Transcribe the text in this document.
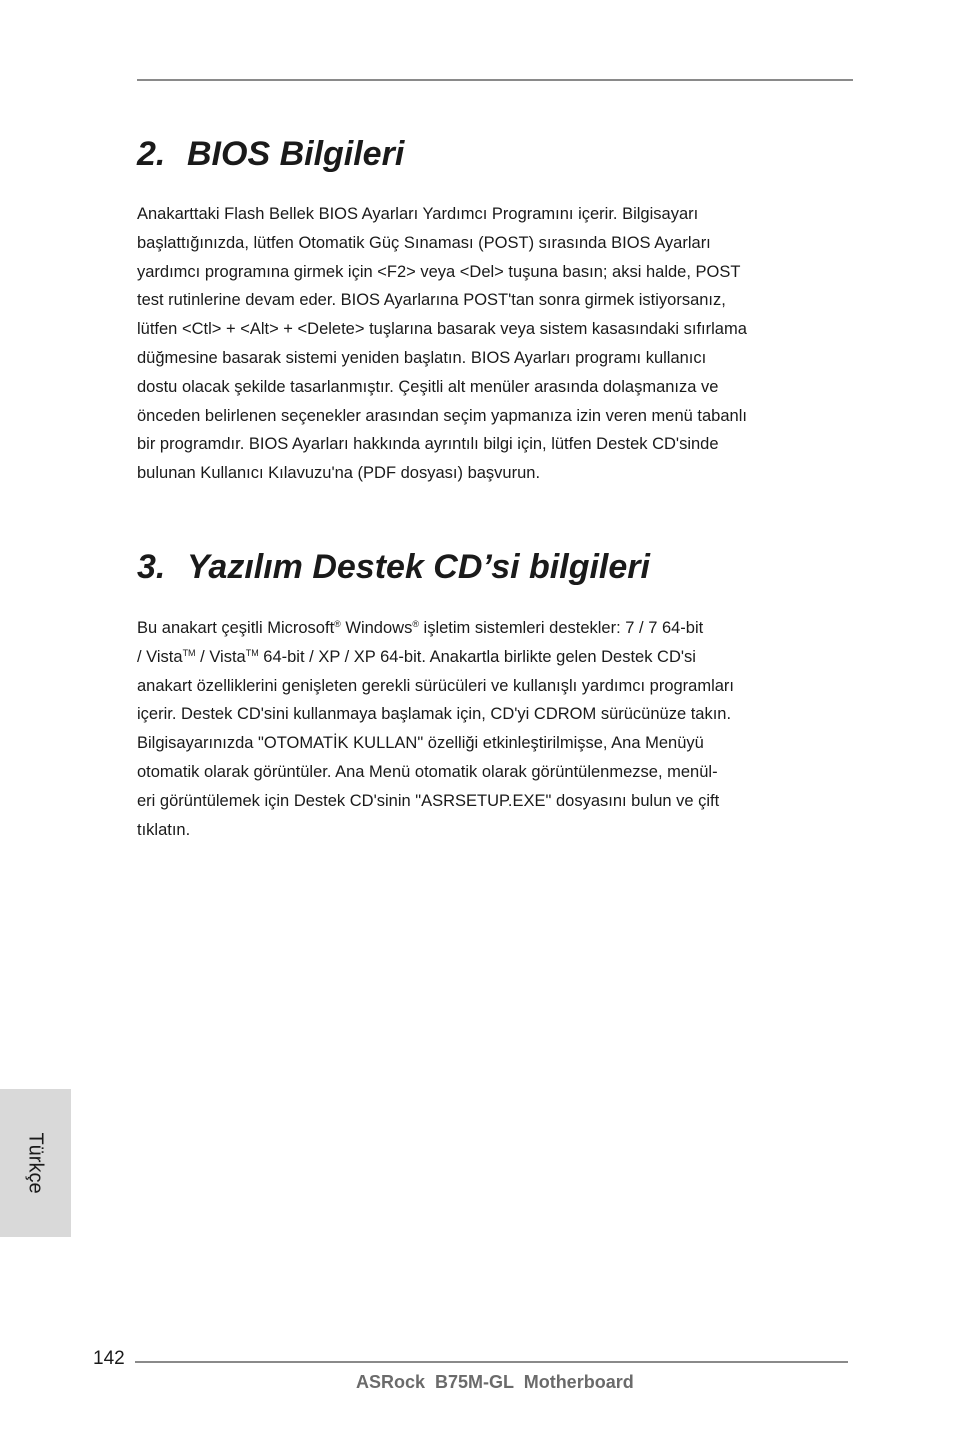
2. BIOS Bilgileri
Anakarttaki Flash Bellek BIOS Ayarları Yardımcı Programını içerir. Bilgisayarı
başlattığınızda, lütfen Otomatik Güç Sınaması (POST) sırasında BIOS Ayarları
yardımcı programına girmek için <F2> veya <Del> tuşuna basın; aksi halde, POST
test rutinlerine devam eder. BIOS Ayarlarına POST'tan sonra girmek istiyorsanız,
lütfen <Ctl> + <Alt> + <Delete> tuşlarına basarak veya sistem kasasındaki sıfırlama
düğmesine basarak sistemi yeniden başlatın. BIOS Ayarları programı kullanıcı
dostu olacak şekilde tasarlanmıştır. Çeşitli alt menüler arasında dolaşmanıza ve
önceden belirlenen seçenekler arasından seçim yapmanıza izin veren menü tabanlı
bir programdır. BIOS Ayarları hakkında ayrıntılı bilgi için, lütfen Destek CD'sinde
bulunan Kullanıcı Kılavuzu'na (PDF dosyası) başvurun.
3. Yazılım Destek CD’si bilgileri
Bu anakart çeşitli Microsoft® Windows® işletim sistemleri destekler: 7 / 7 64-bit
/ Vista™ / Vista™ 64-bit / XP / XP 64-bit. Anakartla birlikte gelen Destek CD'si
anakart özelliklerini genişleten gerekli sürücüleri ve kullanışlı yardımcı programları
içerir. Destek CD'sini kullanmaya başlamak için, CD'yi CDROM sürücünüze takın.
Bilgisayarınızda "OTOMATİK KULLAN" özelliği etkinleştirilmişse, Ana Menüyü
otomatik olarak görüntüler. Ana Menü otomatik olarak görüntülenmezse, menül-
eri görüntülemek için Destek CD'sinin "ASRSETUP.EXE" dosyasını bulun ve çift
tıklatın.
Türkçe
142
ASRock  B75M-GL  Motherboard
